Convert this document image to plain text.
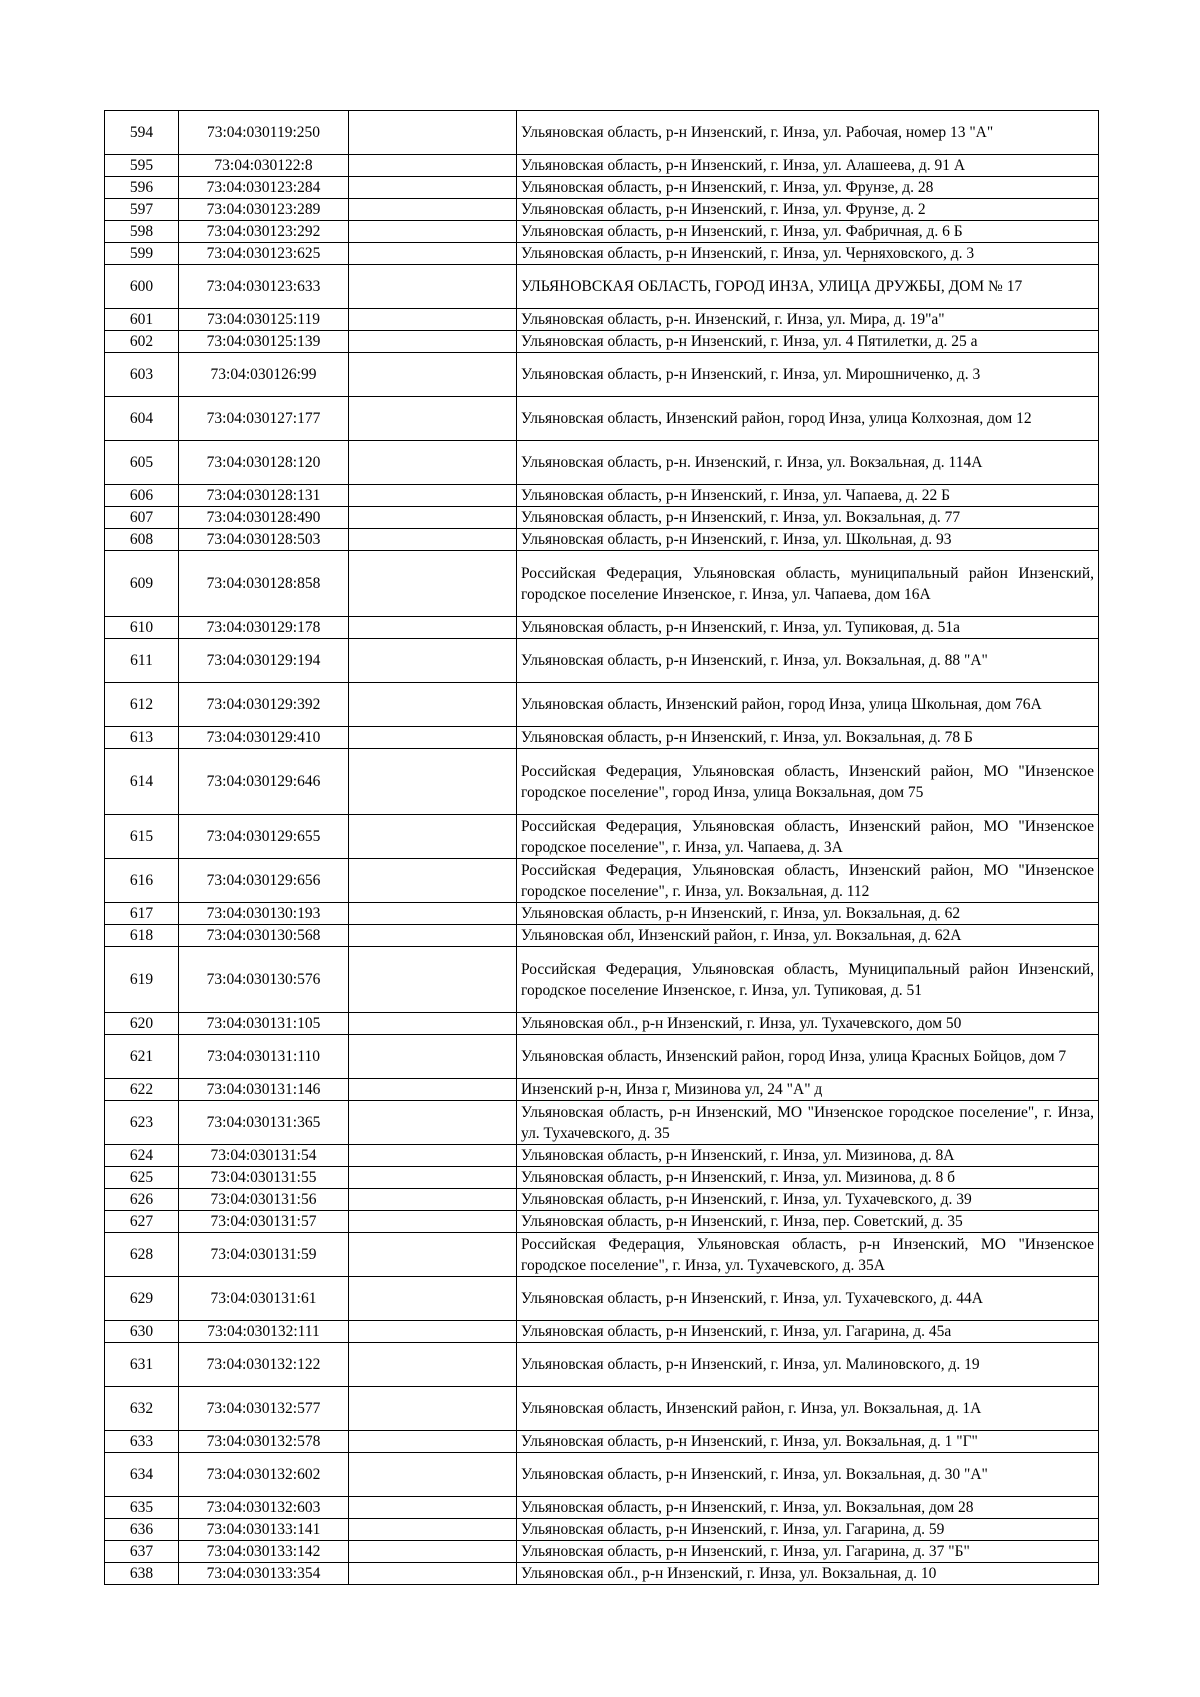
594	73:04:030119:250		Ульяновская область, р-н Инзенский, г. Инза, ул. Рабочая, номер 13 "А"
595	73:04:030122:8		Ульяновская область, р-н Инзенский, г. Инза, ул. Алашеева, д. 91 А
596	73:04:030123:284		Ульяновская область, р-н Инзенский, г. Инза, ул. Фрунзе, д. 28
597	73:04:030123:289		Ульяновская область, р-н Инзенский, г. Инза, ул. Фрунзе, д. 2
598	73:04:030123:292		Ульяновская область, р-н Инзенский, г. Инза, ул. Фабричная, д. 6 Б
599	73:04:030123:625		Ульяновская область, р-н Инзенский, г. Инза, ул. Черняховского, д. 3
600	73:04:030123:633		УЛЬЯНОВСКАЯ ОБЛАСТЬ, ГОРОД ИНЗА, УЛИЦА ДРУЖБЫ, ДОМ № 17
601	73:04:030125:119		Ульяновская область, р-н. Инзенский, г. Инза, ул. Мира, д. 19"а"
602	73:04:030125:139		Ульяновская область, р-н Инзенский, г. Инза, ул. 4 Пятилетки, д. 25 а
603	73:04:030126:99		Ульяновская область, р-н Инзенский, г. Инза, ул. Мирошниченко, д. 3
604	73:04:030127:177		Ульяновская область, Инзенский район, город Инза, улица Колхозная, дом 12
605	73:04:030128:120		Ульяновская область, р-н. Инзенский, г. Инза, ул. Вокзальная, д. 114А
606	73:04:030128:131		Ульяновская область, р-н Инзенский, г. Инза, ул. Чапаева, д. 22 Б
607	73:04:030128:490		Ульяновская область, р-н Инзенский, г. Инза, ул. Вокзальная, д. 77
608	73:04:030128:503		Ульяновская область, р-н Инзенский, г. Инза, ул. Школьная, д. 93
609	73:04:030128:858		Российская Федерация, Ульяновская область, муниципальный район Инзенский, городское поселение Инзенское, г. Инза, ул. Чапаева, дом 16А
610	73:04:030129:178		Ульяновская область, р-н Инзенский, г. Инза, ул. Тупиковая, д. 51а
611	73:04:030129:194		Ульяновская область, р-н Инзенский, г. Инза, ул. Вокзальная, д. 88 "А"
612	73:04:030129:392		Ульяновская область, Инзенский район, город Инза, улица Школьная, дом 76А
613	73:04:030129:410		Ульяновская область, р-н Инзенский, г. Инза, ул. Вокзальная, д. 78 Б
614	73:04:030129:646		Российская Федерация, Ульяновская область, Инзенский район, МО "Инзенское городское поселение", город Инза, улица Вокзальная, дом 75
615	73:04:030129:655		Российская Федерация, Ульяновская область, Инзенский район, МО "Инзенское городское поселение", г. Инза, ул. Чапаева, д. 3А
616	73:04:030129:656		Российская Федерация, Ульяновская область, Инзенский район, МО "Инзенское городское поселение", г. Инза, ул. Вокзальная, д. 112
617	73:04:030130:193		Ульяновская область, р-н Инзенский, г. Инза, ул. Вокзальная, д. 62
618	73:04:030130:568		Ульяновская обл, Инзенский район, г. Инза, ул. Вокзальная, д. 62А
619	73:04:030130:576		Российская Федерация, Ульяновская область, Муниципальный район Инзенский, городское поселение Инзенское, г. Инза, ул. Тупиковая, д. 51
620	73:04:030131:105		Ульяновская обл., р-н Инзенский, г. Инза, ул. Тухачевского, дом 50
621	73:04:030131:110		Ульяновская область, Инзенский район, город Инза, улица Красных Бойцов, дом 7
622	73:04:030131:146		Инзенский р-н, Инза г, Мизинова ул, 24 "А" д
623	73:04:030131:365		Ульяновская область, р-н Инзенский, МО "Инзенское городское поселение", г. Инза, ул. Тухачевского, д. 35
624	73:04:030131:54		Ульяновская область, р-н Инзенский, г. Инза, ул. Мизинова, д. 8А
625	73:04:030131:55		Ульяновская область, р-н Инзенский, г. Инза, ул. Мизинова, д. 8 б
626	73:04:030131:56		Ульяновская область, р-н Инзенский, г. Инза, ул. Тухачевского, д. 39
627	73:04:030131:57		Ульяновская область, р-н Инзенский, г. Инза, пер. Советский, д. 35
628	73:04:030131:59		Российская Федерация, Ульяновская область, р-н Инзенский, МО "Инзенское городское поселение", г. Инза, ул. Тухачевского, д. 35А
629	73:04:030131:61		Ульяновская область, р-н Инзенский, г. Инза, ул. Тухачевского, д. 44А
630	73:04:030132:111		Ульяновская область, р-н Инзенский, г. Инза, ул. Гагарина, д. 45а
631	73:04:030132:122		Ульяновская область, р-н Инзенский, г. Инза, ул. Малиновского, д. 19
632	73:04:030132:577		Ульяновская область, Инзенский район, г. Инза, ул. Вокзальная, д. 1А
633	73:04:030132:578		Ульяновская область, р-н Инзенский, г. Инза, ул. Вокзальная, д. 1 "Г"
634	73:04:030132:602		Ульяновская область, р-н Инзенский, г. Инза, ул. Вокзальная, д. 30 "А"
635	73:04:030132:603		Ульяновская область, р-н Инзенский, г. Инза, ул. Вокзальная, дом 28
636	73:04:030133:141		Ульяновская область, р-н Инзенский, г. Инза, ул. Гагарина, д. 59
637	73:04:030133:142		Ульяновская область, р-н Инзенский, г. Инза, ул. Гагарина, д. 37 "Б"
638	73:04:030133:354		Ульяновская обл., р-н Инзенский, г. Инза, ул. Вокзальная, д. 10
